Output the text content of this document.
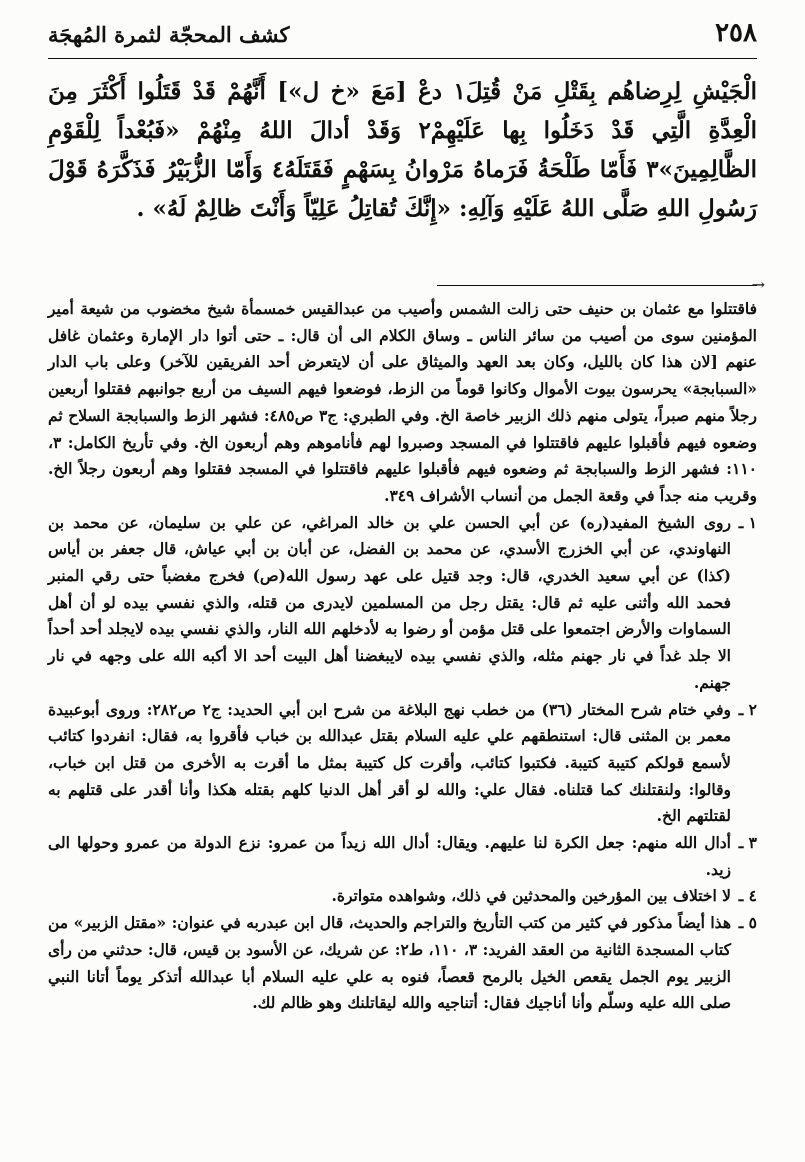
٢٥٨
كشف المحجّة لثمرة المُهجَة

الْجَيْشِ لِرِضاهُم بِقَتْلِ مَنْ قُتِلَ١ دعْ [مَعَ «خ ل»] أَنَّهُمْ قَدْ قَتَلُوا أَكْثَرَ مِنَ الْعِدَّةِ الَّتِي قَدْ دَخَلُوا بِها عَلَيْهِمْ٢ وَقَدْ أدالَ اللهُ مِنْهُمْ «فَبُعْداً لِلْقَوْمِ الظَّالِمِينَ»٣ فَأَمّا طَلْحَةُ فَرَماهُ مَرْوانُ بِسَهْمٍ فَقَتَلَهُ٤ وَأَمّا الزُّبَيْرُ فَذَكَّرَهُ قَوْلَ رَسُولِ اللهِ صَلَّى اللهُ عَلَيْهِ وَآلِهِ: «إِنَّكَ تُقاتِلُ عَلِيّاً وَأَنْتَ ظالِمٌ لَهُ» .

→

فاقتتلوا مع عثمان بن حنيف حتى زالت الشمس وأصيب من عبدالقيس خمسمأة شيخ مخضوب من شيعة أمير المؤمنين سوى من أصيب من سائر الناس ـ وساق الكلام الى أن قال: ـ حتى أتوا دار الإمارة وعثمان غافل عنهم [لان هذا كان بالليل، وكان بعد العهد والميثاق على أن لايتعرض أحد الفريقين للآخر) وعلى باب الدار «السبابجة» يحرسون بيوت الأموال وكانوا قوماً من الزط، فوضعوا فيهم السيف من أربع جوانبهم فقتلوا أربعين رجلاً منهم صبراً، يتولى منهم ذلك الزبير خاصة الخ. وفي الطبري: ج٣ ص٤٨٥: فشهر الزط والسبابجة السلاح ثم وضعوه فيهم فأقبلوا عليهم فاقتتلوا في المسجد وصبروا لهم فأناموهم وهم أربعون الخ. وفي تأريخ الكامل: ٣، ١١٠: فشهر الزط والسبابجة ثم وضعوه فيهم فأقبلوا عليهم فاقتتلوا في المسجد فقتلوا وهم أربعون رجلاً الخ. وقريب منه جداً في وقعة الجمل من أنساب الأشراف ٣٤٩.

١ ـ
روى الشيخ المفيد(ره) عن أبي الحسن علي بن خالد المراغي، عن علي بن سليمان، عن محمد بن النهاوندي، عن أبي الخزرج الأسدي، عن محمد بن الفضل، عن أبان بن أبي عياش، قال جعفر بن أياس (كذا) عن أبي سعيد الخدري، قال: وجد قتيل على عهد رسول الله(ص) فخرج مغضباً حتى رقي المنبر فحمد الله وأثنى عليه ثم قال: يقتل رجل من المسلمين لايدرى من قتله، والذي نفسي بيده لو أن أهل السماوات والأرض اجتمعوا على قتل مؤمن أو رضوا به لأدخلهم الله النار، والذي نفسي بيده لايجلد أحد أحداً الا جلد غداً في نار جهنم مثله، والذي نفسي بيده لايبغضنا أهل البيت أحد الا أكبه الله على وجهه في نار جهنم.
٢ ـ
وفي ختام شرح المختار (٣٦) من خطب نهج البلاغة من شرح ابن أبي الحديد: ج٢ ص٢٨٢: وروى أبوعبيدة معمر بن المثنى قال: استنطقهم علي عليه السلام بقتل عبدالله بن خباب فأقروا به، فقال: انفردوا كتائب لأسمع قولكم كتيبة كتيبة. فكتبوا كتائب، وأقرت كل كتيبة بمثل ما أقرت به الأخرى من قتل ابن خباب، وقالوا: ولنقتلنك كما قتلناه. فقال علي: والله لو أقر أهل الدنيا كلهم بقتله هكذا وأنا أقدر على قتلهم به لقتلتهم الخ.
٣ ـ
أدال الله منهم: جعل الكرة لنا عليهم. ويقال: أدال الله زيداً من عمرو: نزع الدولة من عمرو وحولها الى زيد.
٤ ـ
لا اختلاف بين المؤرخين والمحدثين في ذلك، وشواهده متواترة.
٥ ـ
هذا أيضاً مذكور في كثير من كتب التأريخ والتراجم والحديث، قال ابن عبدربه في عنوان: «مقتل الزبير» من كتاب المسجدة الثانية من العقد الفريد: ٣، ١١٠، ط٢: عن شريك، عن الأسود بن قيس، قال: حدثني من رأى الزبير يوم الجمل يقعص الخيل بالرمح قعصاً، فنوه به علي عليه السلام أبا عبدالله أتذكر يوماً أتانا النبي صلى الله عليه وسلّم وأنا أناجيك فقال: أتناجيه والله ليقاتلنك وهو ظالم لك.
